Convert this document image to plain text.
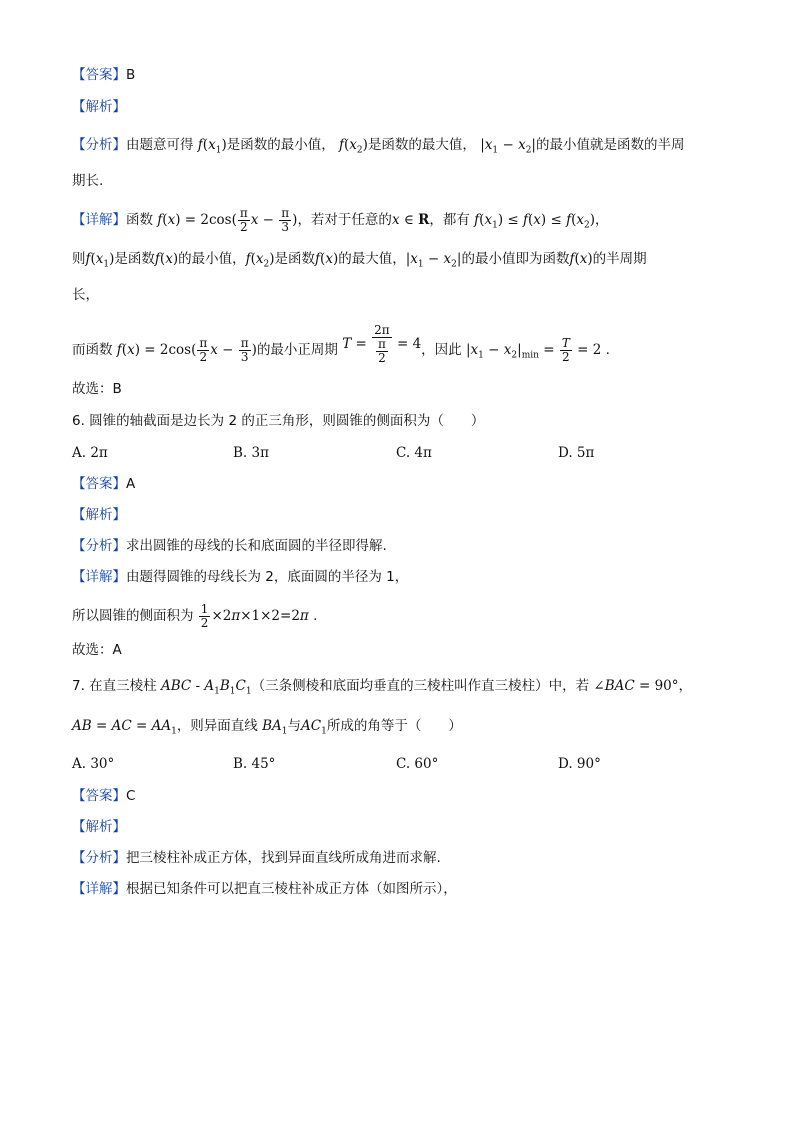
【答案】B
【解析】
【分析】由题意可得 $f(x_1)$是函数的最小值， $f(x_2)$是函数的最大值， $|x_1 - x_2|$的最小值就是函数的半周
期长.
【详解】函数 $f(x) = 2\cos( \frac{\pi}{2}$ $x - \frac{\pi}{3}$ )，若对于任意的x ∈ R，都有 $f(x_1) \le f(x) \le f(x_2)$，
则$f(x_1)$是函数f(x)的最小值，$f(x_2)$是函数f(x)的最大值，$|x_1 - x_2|$的最小值即为函数f(x)的半周期
长，
而函数 $f(x) = 2\cos( \frac{\pi}{2}$ $x - \frac{\pi}{3}$ )的最小正周期 $T = \frac{2\pi}{\frac{\pi}{2}} = 4$，因此 $|x_1 - x_2|_{min} = \frac{T}{2} = 2$ .
故选：B
6. 圆锥的轴截面是边长为 2 的正三角形，则圆锥的侧面积为（　　）
A. 2π	B. 3π	C. 4π	D. 5π
【答案】A
【解析】
【分析】求出圆锥的母线的长和底面圆的半径即得解.
【详解】由题得圆锥的母线长为 2，底面圆的半径为 1，
所以圆锥的侧面积为 $\frac{1}{2} \times 2\pi\times 1\times 2=2\pi$ .
故选：A
7. 在直三棱柱 ABC - $A_1B_1C_1$（三条侧棱和底面均垂直的三棱柱叫作直三棱柱）中，若 ∠BAC = 90°，
AB = AC = $AA_1$，则异面直线 $BA_1$与$AC_1$所成的角等于（　　）
A. 30°	B. 45°	C. 60°	D. 90°
【答案】C
【解析】
【分析】把三棱柱补成正方体，找到异面直线所成角进而求解.
【详解】根据已知条件可以把直三棱柱补成正方体（如图所示），
